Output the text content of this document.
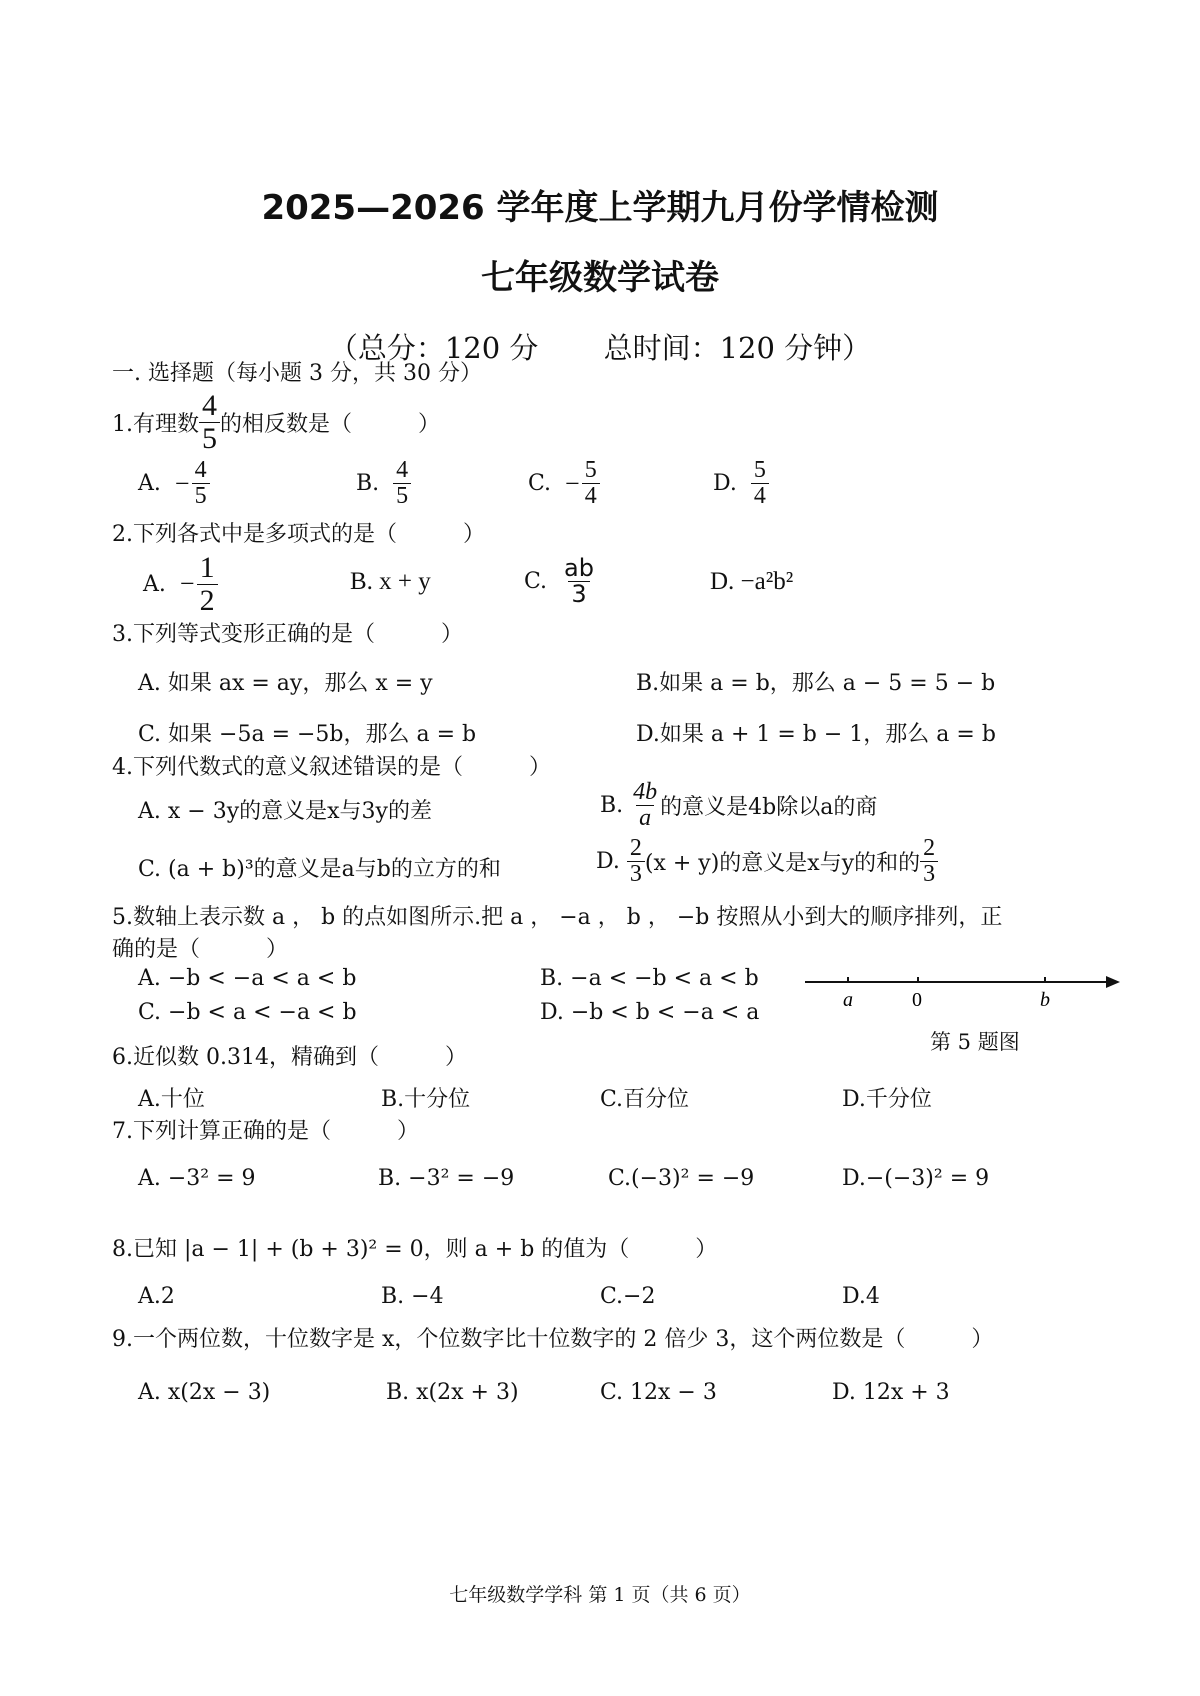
2025—2026 学年度上学期九月份学情检测
七年级数学试卷
（总分：120 分 总时间：120 分钟）
一. 选择题（每小题 3 分，共 30 分）
1.有理数 $\frac{4}{5}$ 的相反数是（　　　）
A.
− $\frac{4}{5}$	B.
$\frac{4}{5}$	C.
− $\frac{5}{4}$	D.
$\frac{5}{4}$
2.下列各式中是多项式的是（　　　）
A.
− $\frac{1}{2}$	B. x + y	C.
$\frac{ab}{3}$	D. −a²b²
3.下列等式变形正确的是（　　　）
A. 如果 ax = ay，那么 x = y	B.如果 a = b，那么 a − 5 = 5 − b
C. 如果 −5a = −5b，那么 a = b	D.如果 a + 1 = b − 1，那么 a = b
4.下列代数式的意义叙述错误的是（　　　）
A. x − 3y的意义是x与3y的差	B.
$\frac{4b}{a}$ 的意义是4b除以a的商
C. (a + b)³的意义是a与b的立方的和	D.
$\frac{2}{3} (x + y)$的意义是x与y的和的 $\frac{2}{3}$
5.数轴上表示数 a ， b 的点如图所示.把 a ， −a ， b ， −b 按照从小到大的顺序排列，正
确的是（　　　）
A. −b < −a < a < b	B. −a < −b < a < b
C. −b < a < −a < b	D. −b < b < −a < a	a	0	b
第 5 题图
6.近似数 0.314，精确到（　　　）
A.十位	B.十分位	C.百分位	D.千分位
7.下列计算正确的是（　　　）
A. −3² = 9	B. −3² = −9	C.(−3)² = −9	D.−(−3)² = 9
8.已知 |a − 1| + (b + 3)² = 0，则 a + b 的值为（　　　）
A.2	B. −4	C.−2	D.4
9.一个两位数，十位数字是 x，个位数字比十位数字的 2 倍少 3，这个两位数是（　　　）
A. x(2x − 3)	B. x(2x + 3)	C. 12x − 3	D. 12x + 3
七年级数学学科 第 1 页（共 6 页）
